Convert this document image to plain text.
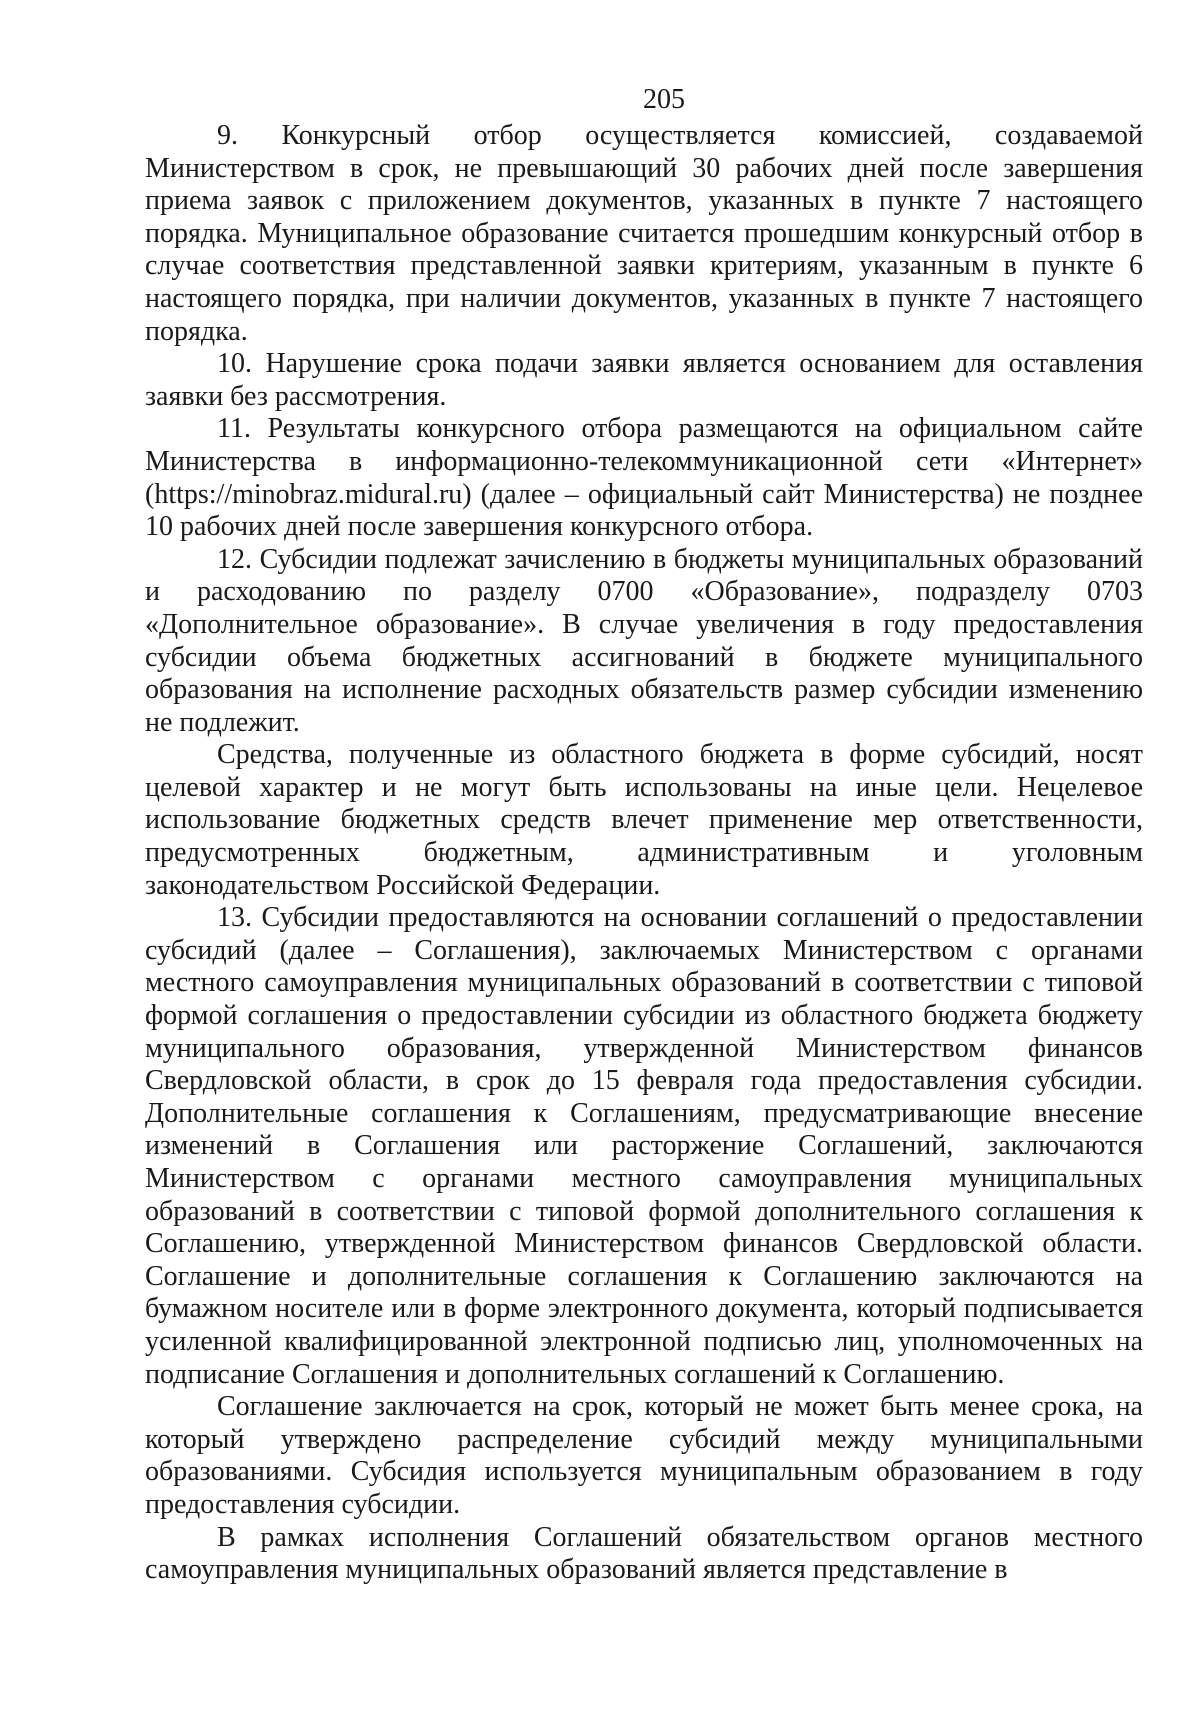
205

9. Конкурсный отбор осуществляется комиссией, создаваемой Министерством в срок, не превышающий 30 рабочих дней после завершения приема заявок с приложением документов, указанных в пункте 7 настоящего порядка. Муниципальное образование считается прошедшим конкурсный отбор в случае соответствия представленной заявки критериям, указанным в пункте 6 настоящего порядка, при наличии документов, указанных в пункте 7 настоящего порядка.

10. Нарушение срока подачи заявки является основанием для оставления заявки без рассмотрения.

11. Результаты конкурсного отбора размещаются на официальном сайте Министерства в информационно-телекоммуникационной сети «Интернет» (https://minobraz.midural.ru) (далее – официальный сайт Министерства) не позднее 10 рабочих дней после завершения конкурсного отбора.

12. Субсидии подлежат зачислению в бюджеты муниципальных образований и расходованию по разделу 0700 «Образование», подразделу 0703 «Дополнительное образование». В случае увеличения в году предоставления субсидии объема бюджетных ассигнований в бюджете муниципального образования на исполнение расходных обязательств размер субсидии изменению не подлежит.

Средства, полученные из областного бюджета в форме субсидий, носят целевой характер и не могут быть использованы на иные цели. Нецелевое использование бюджетных средств влечет применение мер ответственности, предусмотренных бюджетным, административным и уголовным законодательством Российской Федерации.

13. Субсидии предоставляются на основании соглашений о предоставлении субсидий (далее – Соглашения), заключаемых Министерством с органами местного самоуправления муниципальных образований в соответствии с типовой формой соглашения о предоставлении субсидии из областного бюджета бюджету муниципального образования, утвержденной Министерством финансов Свердловской области, в срок до 15 февраля года предоставления субсидии. Дополнительные соглашения к Соглашениям, предусматривающие внесение изменений в Соглашения или расторжение Соглашений, заключаются Министерством с органами местного самоуправления муниципальных образований в соответствии с типовой формой дополнительного соглашения к Соглашению, утвержденной Министерством финансов Свердловской области. Соглашение и дополнительные соглашения к Соглашению заключаются на бумажном носителе или в форме электронного документа, который подписывается усиленной квалифицированной электронной подписью лиц, уполномоченных на подписание Соглашения и дополнительных соглашений к Соглашению.

Соглашение заключается на срок, который не может быть менее срока, на который утверждено распределение субсидий между муниципальными образованиями. Субсидия используется муниципальным образованием в году предоставления субсидии.

В рамках исполнения Соглашений обязательством органов местного самоуправления муниципальных образований является представление в
